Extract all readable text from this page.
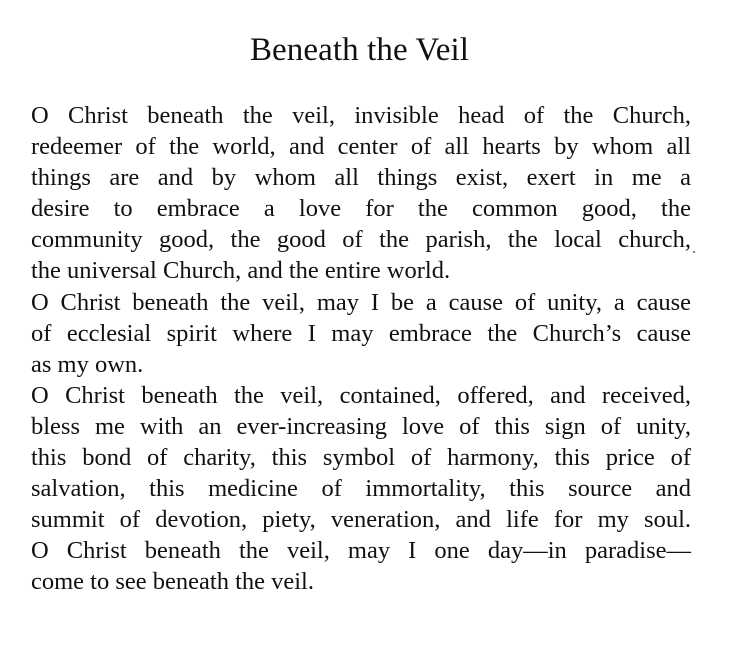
Beneath the Veil
O Christ beneath the veil, invisible head of the Church,
redeemer of the world, and center of all hearts by whom all
things are and by whom all things exist, exert in me a
desire to embrace a love for the common good, the
community good, the good of the parish, the local church,
the universal Church, and the entire world.
O Christ beneath the veil, may I be a cause of unity, a cause
of ecclesial spirit where I may embrace the Church’s cause
as my own.
O Christ beneath the veil, contained, offered, and received,
bless me with an ever-increasing love of this sign of unity,
this bond of charity, this symbol of harmony, this price of
salvation, this medicine of immortality, this source and
summit of devotion, piety, veneration, and life for my soul.
O Christ beneath the veil, may I one day—in paradise—
come to see beneath the veil.
